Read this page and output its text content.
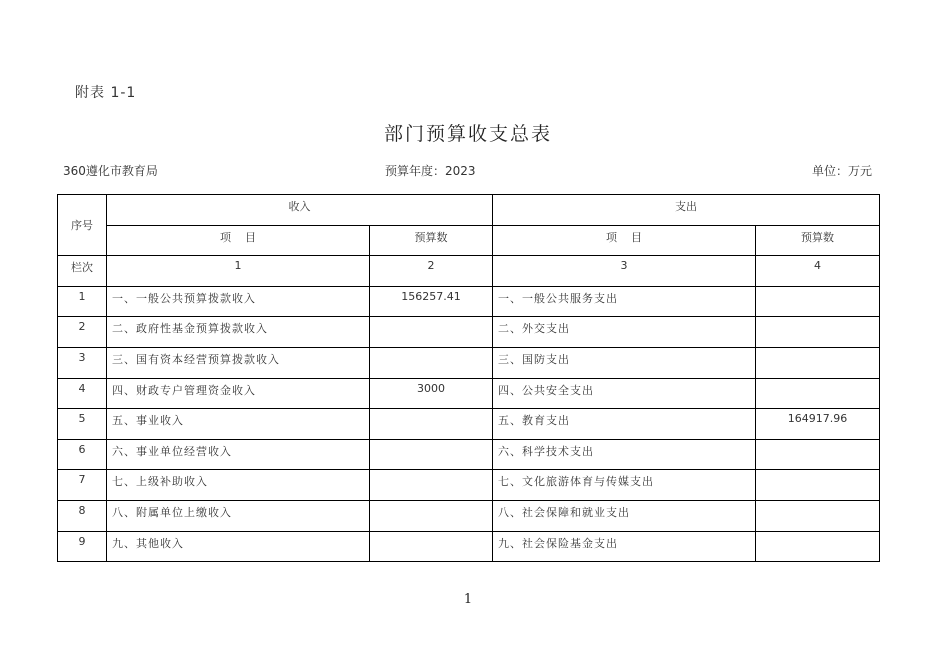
附表 1-1
部门预算收支总表
360遵化市教育局	预算年度：2023	单位：万元
序号	收入		支出	
	项    目	预算数	项    目	预算数
栏次	1	2	3	4
1	一、一般公共预算拨款收入	156257.41	一、一般公共服务支出	
2	二、政府性基金预算拨款收入		二、外交支出	
3	三、国有资本经营预算拨款收入		三、国防支出	
4	四、财政专户管理资金收入	3000	四、公共安全支出	
5	五、事业收入		五、教育支出	164917.96
6	六、事业单位经营收入		六、科学技术支出	
7	七、上级补助收入		七、文化旅游体育与传媒支出	
8	八、附属单位上缴收入		八、社会保障和就业支出	
9	九、其他收入		九、社会保险基金支出	
1
